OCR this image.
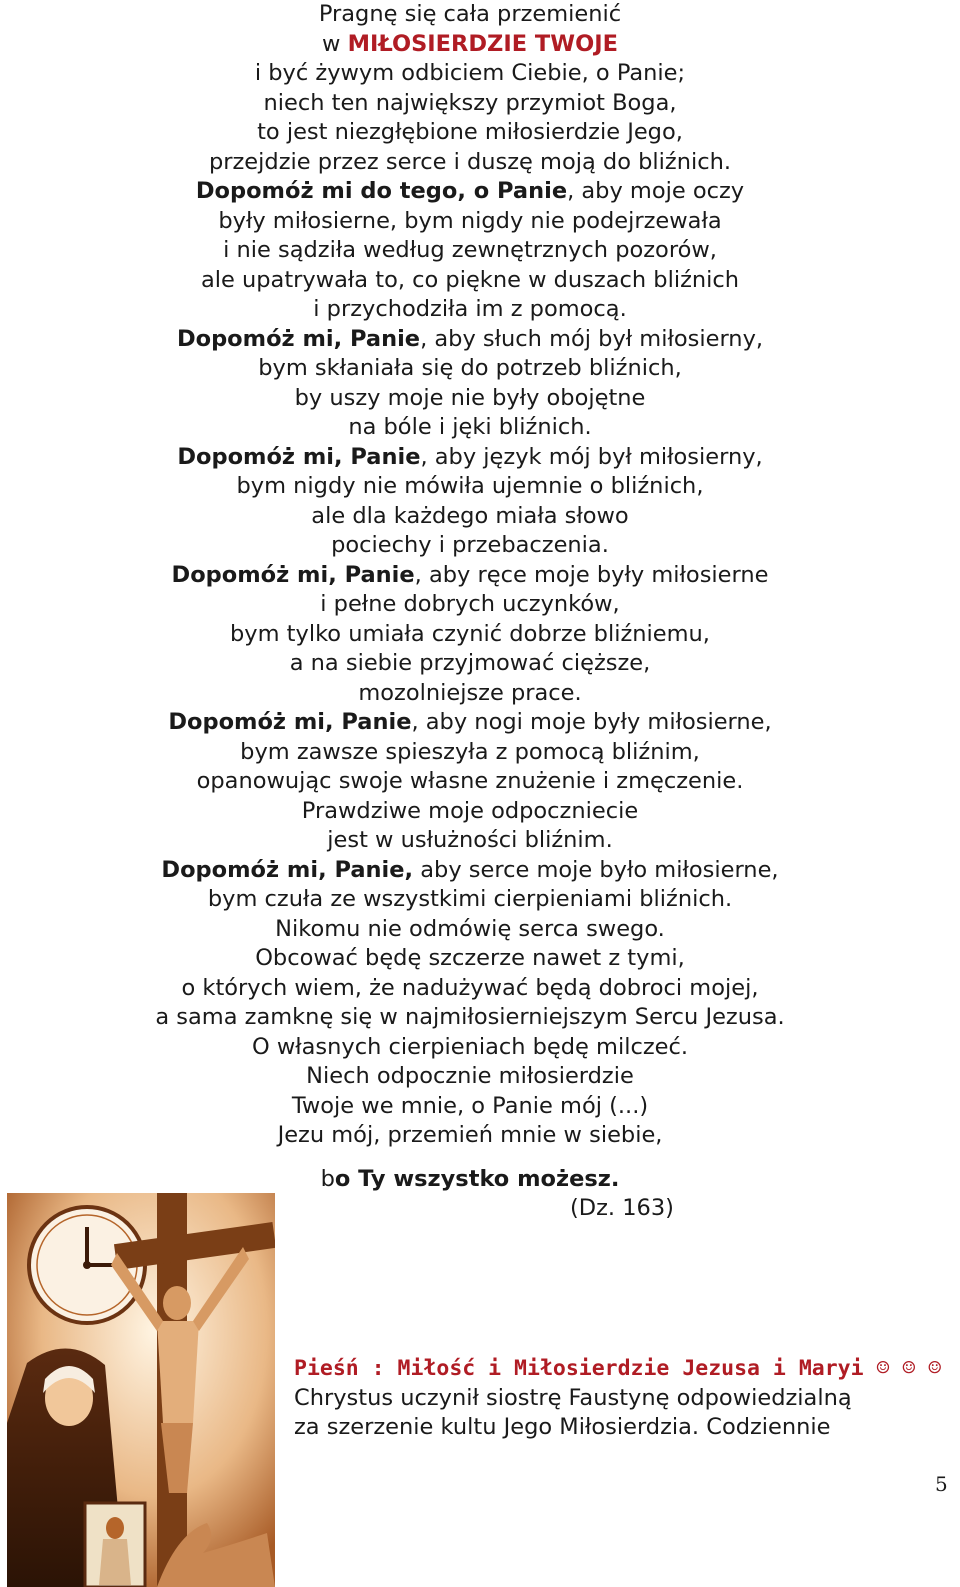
Pragnę się cała przemienić
w MIŁOSIERDZIE TWOJE
i być żywym odbiciem Ciebie, o Panie;
niech ten największy przymiot Boga,
to jest niezgłębione miłosierdzie Jego,
przejdzie przez serce i duszę moją do bliźnich.
Dopomóż mi do tego, o Panie, aby moje oczy
były miłosierne, bym nigdy nie podejrzewała
i nie sądziła według zewnętrznych pozorów,
ale upatrywała to, co piękne w duszach bliźnich
i przychodziła im z pomocą.
Dopomóż mi, Panie, aby słuch mój był miłosierny,
bym skłaniała się do potrzeb bliźnich,
by uszy moje nie były obojętne
na bóle i jęki bliźnich.
Dopomóż mi, Panie, aby język mój był miłosierny,
bym nigdy nie mówiła ujemnie o bliźnich,
ale dla każdego miała słowo
pociechy i przebaczenia.
Dopomóż mi, Panie, aby ręce moje były miłosierne
i pełne dobrych uczynków,
bym tylko umiała czynić dobrze bliźniemu,
a na siebie przyjmować cięższe,
mozolniejsze prace.
Dopomóż mi, Panie, aby nogi moje były miłosierne,
bym zawsze spieszyła z pomocą bliźnim,
opanowując swoje własne znużenie i zmęczenie.
Prawdziwe moje odpoczniecie
jest w usłużności bliźnim.
Dopomóż mi, Panie, aby serce moje było miłosierne,
bym czuła ze wszystkimi cierpieniami bliźnich.
Nikomu nie odmówię serca swego.
Obcować będę szczerze nawet z tymi,
o których wiem, że nadużywać będą dobroci mojej,
a sama zamknę się w najmiłosierniejszym Sercu Jezusa.
O własnych cierpieniach będę milczeć.
Niech odpocznie miłosierdzie
Twoje we mnie, o Panie mój (...)
Jezu mój, przemień mnie w siebie,
bo Ty wszystko możesz.
(Dz. 163)
Pieśń : Miłość i Miłosierdzie Jezusa i Maryi ☺ ☺ ☺
Chrystus uczynił siostrę Faustynę odpowiedzialną
za szerzenie kultu Jego Miłosierdzia. Codziennie
5
